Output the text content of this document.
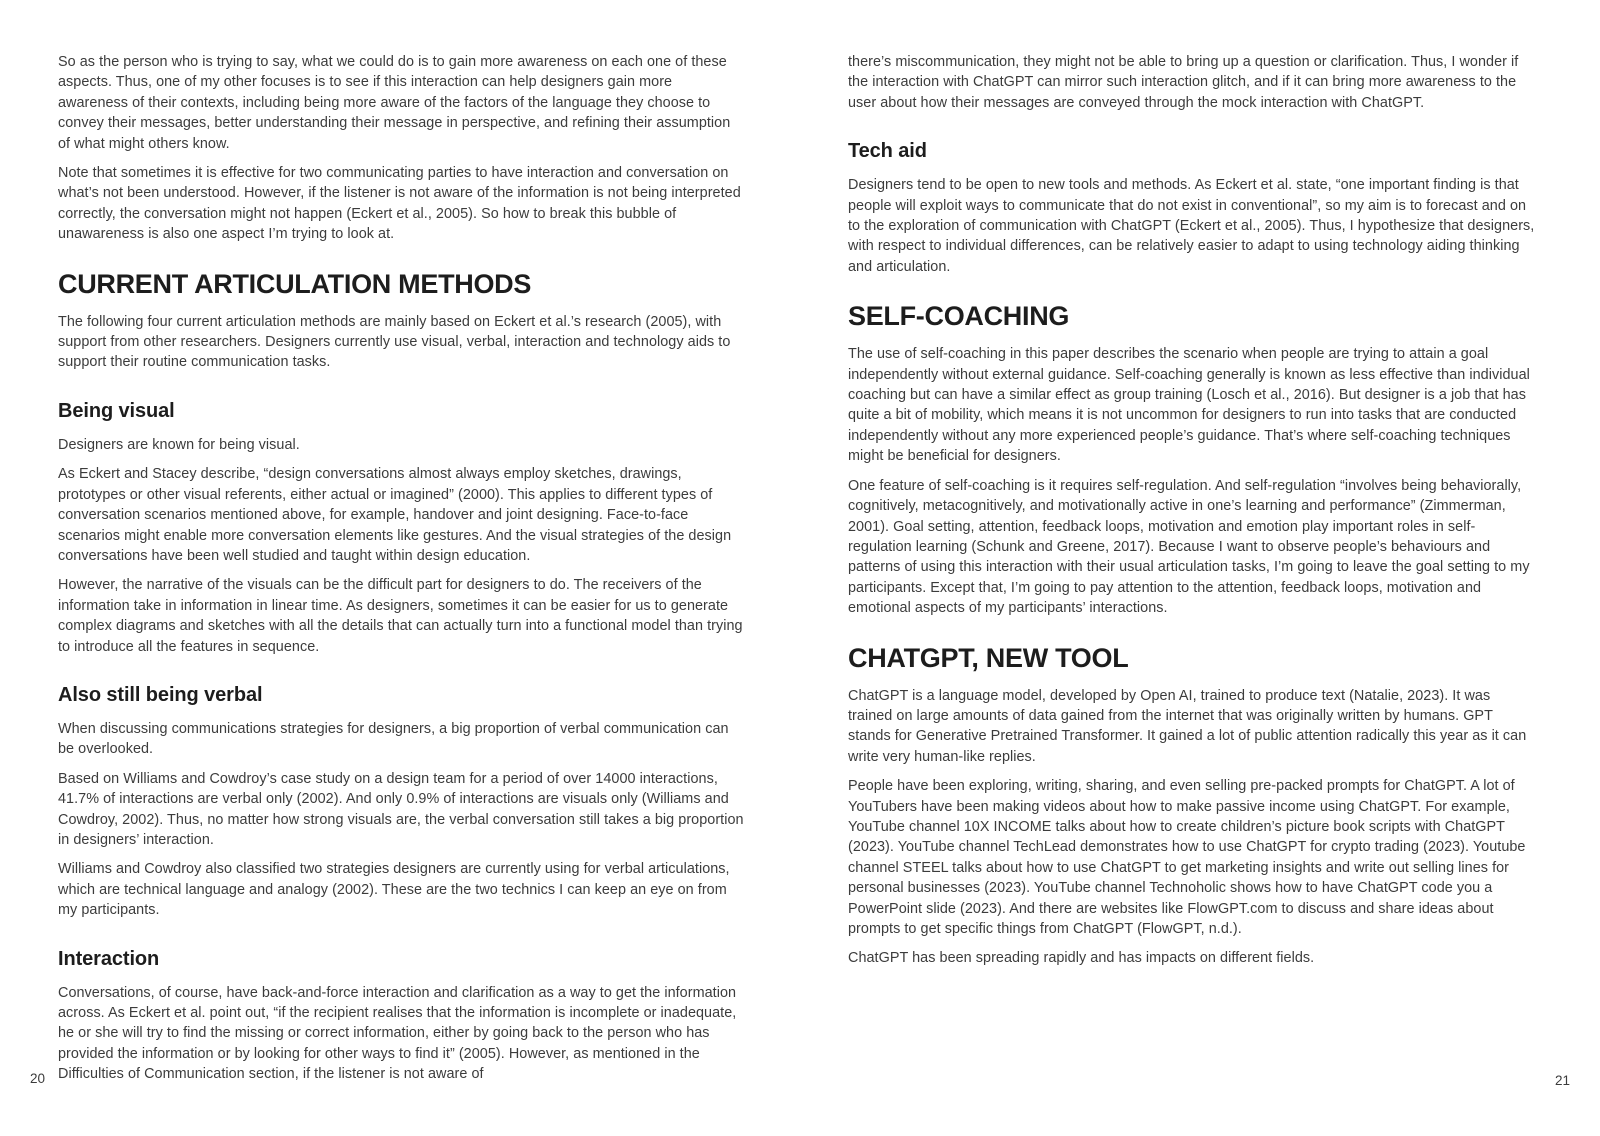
So as the person who is trying to say, what we could do is to gain more awareness on each one of these aspects. Thus, one of my other focuses is to see if this interaction can help designers gain more awareness of their contexts, including being more aware of the factors of the language they choose to convey their messages, better understanding their message in perspective, and refining their assumption of what might others know.

Note that sometimes it is effective for two communicating parties to have interaction and conversation on what’s not been understood. However, if the listener is not aware of the information is not being interpreted correctly, the conversation might not happen (Eckert et al., 2005). So how to break this bubble of unawareness is also one aspect I’m trying to look at.

CURRENT ARTICULATION METHODS

The following four current articulation methods are mainly based on Eckert et al.’s research (2005), with support from other researchers. Designers currently use visual, verbal, interaction and technology aids to support their routine communication tasks.

Being visual

Designers are known for being visual.

As Eckert and Stacey describe, “design conversations almost always employ sketches, drawings, prototypes or other visual referents, either actual or imagined” (2000). This applies to different types of conversation scenarios mentioned above, for example, handover and joint designing. Face-to-face scenarios might enable more conversation elements like gestures. And the visual strategies of the design conversations have been well studied and taught within design education.

However, the narrative of the visuals can be the difficult part for designers to do. The receivers of the information take in information in linear time. As designers, sometimes it can be easier for us to generate complex diagrams and sketches with all the details that can actually turn into a functional model than trying to introduce all the features in sequence.

Also still being verbal

When discussing communications strategies for designers, a big proportion of verbal communication can be overlooked.

Based on Williams and Cowdroy’s case study on a design team for a period of over 14000 interactions, 41.7% of interactions are verbal only (2002). And only 0.9% of interactions are visuals only (Williams and Cowdroy, 2002). Thus, no matter how strong visuals are, the verbal conversation still takes a big proportion in designers’ interaction.

Williams and Cowdroy also classified two strategies designers are currently using for verbal articulations, which are technical language and analogy (2002). These are the two technics I can keep an eye on from my participants.

Interaction

Conversations, of course, have back-and-force interaction and clarification as a way to get the information across. As Eckert et al. point out, “if the recipient realises that the information is incomplete or inadequate, he or she will try to find the missing or correct information, either by going back to the person who has provided the information or by looking for other ways to find it” (2005). However, as mentioned in the Difficulties of Communication section, if the listener is not aware of

there’s miscommunication, they might not be able to bring up a question or clarification. Thus, I wonder if the interaction with ChatGPT can mirror such interaction glitch, and if it can bring more awareness to the user about how their messages are conveyed through the mock interaction with ChatGPT.

Tech aid

Designers tend to be open to new tools and methods. As Eckert et al. state, “one important finding is that people will exploit ways to communicate that do not exist in conventional”, so my aim is to forecast and on to the exploration of communication with ChatGPT (Eckert et al., 2005). Thus, I hypothesize that designers, with respect to individual differences, can be relatively easier to adapt to using technology aiding thinking and articulation.

SELF-COACHING

The use of self-coaching in this paper describes the scenario when people are trying to attain a goal independently without external guidance. Self-coaching generally is known as less effective than individual coaching but can have a similar effect as group training (Losch et al., 2016). But designer is a job that has quite a bit of mobility, which means it is not uncommon for designers to run into tasks that are conducted independently without any more experienced people’s guidance. That’s where self-coaching techniques might be beneficial for designers.

One feature of self-coaching is it requires self-regulation. And self-regulation “involves being behaviorally, cognitively, metacognitively, and motivationally active in one’s learning and performance” (Zimmerman, 2001). Goal setting, attention, feedback loops, motivation and emotion play important roles in self-regulation learning (Schunk and Greene, 2017). Because I want to observe people’s behaviours and patterns of using this interaction with their usual articulation tasks, I’m going to leave the goal setting to my participants. Except that, I’m going to pay attention to the attention, feedback loops, motivation and emotional aspects of my participants’ interactions.

CHATGPT, NEW TOOL

ChatGPT is a language model, developed by Open AI, trained to produce text (Natalie, 2023). It was trained on large amounts of data gained from the internet that was originally written by humans. GPT stands for Generative Pretrained Transformer. It gained a lot of public attention radically this year as it can write very human-like replies.

People have been exploring, writing, sharing, and even selling pre-packed prompts for ChatGPT. A lot of YouTubers have been making videos about how to make passive income using ChatGPT. For example, YouTube channel 10X INCOME talks about how to create children’s picture book scripts with ChatGPT (2023). YouTube channel TechLead demonstrates how to use ChatGPT for crypto trading (2023). Youtube channel STEEL talks about how to use ChatGPT to get marketing insights and write out selling lines for personal businesses (2023). YouTube channel Technoholic shows how to have ChatGPT code you a PowerPoint slide (2023). And there are websites like FlowGPT.com to discuss and share ideas about prompts to get specific things from ChatGPT (FlowGPT, n.d.).

ChatGPT has been spreading rapidly and has impacts on different fields.

20	21
